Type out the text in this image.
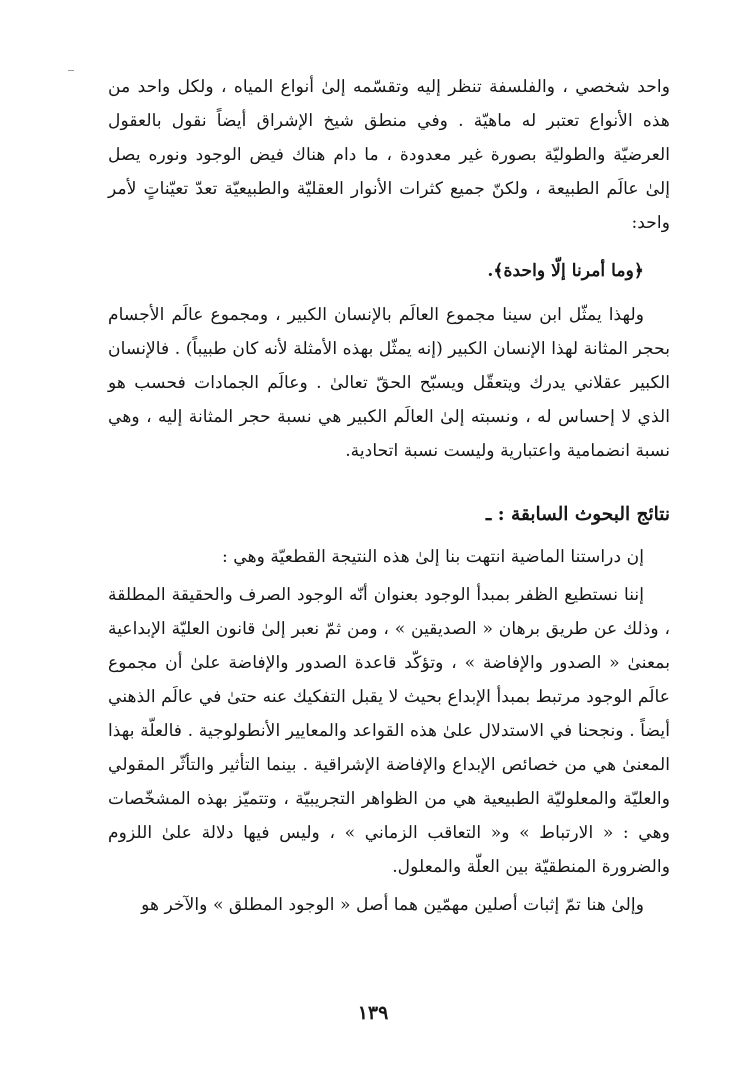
واحد شخصي ، والفلسفة تنظر إليه وتقسّمه إلىٰ أنواع المياه ، ولكل واحد من هذه الأنواع تعتبر له ماهيّة . وفي منطق شيخ الإشراق أيضاً نقول بالعقول العرضيّة والطوليّة بصورة غير معدودة ، ما دام هناك فيض الوجود ونوره يصل إلىٰ عالَم الطبيعة ، ولكنّ جميع كثرات الأنوار العقليّة والطبيعيّة تعدّ تعيّناتٍ لأمر واحد:

﴿وما أمرنا إلّا واحدة﴾.

ولهذا يمثّل ابن سينا مجموع العالَم بالإنسان الكبير ، ومجموع عالَم الأجسام بحجر المثانة لهذا الإنسان الكبير (إنه يمثّل بهذه الأمثلة لأنه كان طبيباً) . فالإنسان الكبير عقلاني يدرك ويتعقّل ويسبّح الحقّ تعالىٰ . وعالَم الجمادات فحسب هو الذي لا إحساس له ، ونسبته إلىٰ العالَم الكبير هي نسبة حجر المثانة إليه ، وهي نسبة انضمامية واعتبارية وليست نسبة اتحادية.

نتائج البحوث السابقة : ـ

إن دراستنا الماضية انتهت بنا إلىٰ هذه النتيجة القطعيّة وهي :

إننا نستطيع الظفر بمبدأ الوجود بعنوان أنّه الوجود الصرف والحقيقة المطلقة ، وذلك عن طريق برهان « الصديقين » ، ومن ثمّ نعبر إلىٰ قانون العليّة الإبداعية بمعنىٰ « الصدور والإفاضة » ، وتؤكّد قاعدة الصدور والإفاضة علىٰ أن مجموع عالَم الوجود مرتبط بمبدأ الإبداع بحيث لا يقبل التفكيك عنه حتىٰ في عالَم الذهني أيضاً . ونجحنا في الاستدلال علىٰ هذه القواعد والمعايير الأنطولوجية . فالعلّة بهذا المعنىٰ هي من خصائص الإبداع والإفاضة الإشراقية . بينما التأثير والتأثّر المقولي والعليّة والمعلوليّة الطبيعية هي من الظواهر التجريبيّة ، وتتميّز بهذه المشخّصات وهي : « الارتباط » و« التعاقب الزماني » ، وليس فيها دلالة علىٰ اللزوم والضرورة المنطقيّة بين العلّة والمعلول.

وإلىٰ هنا تمّ إثبات أصلين مهمّين هما أصل « الوجود المطلق » والآخر هو

١٣٩
